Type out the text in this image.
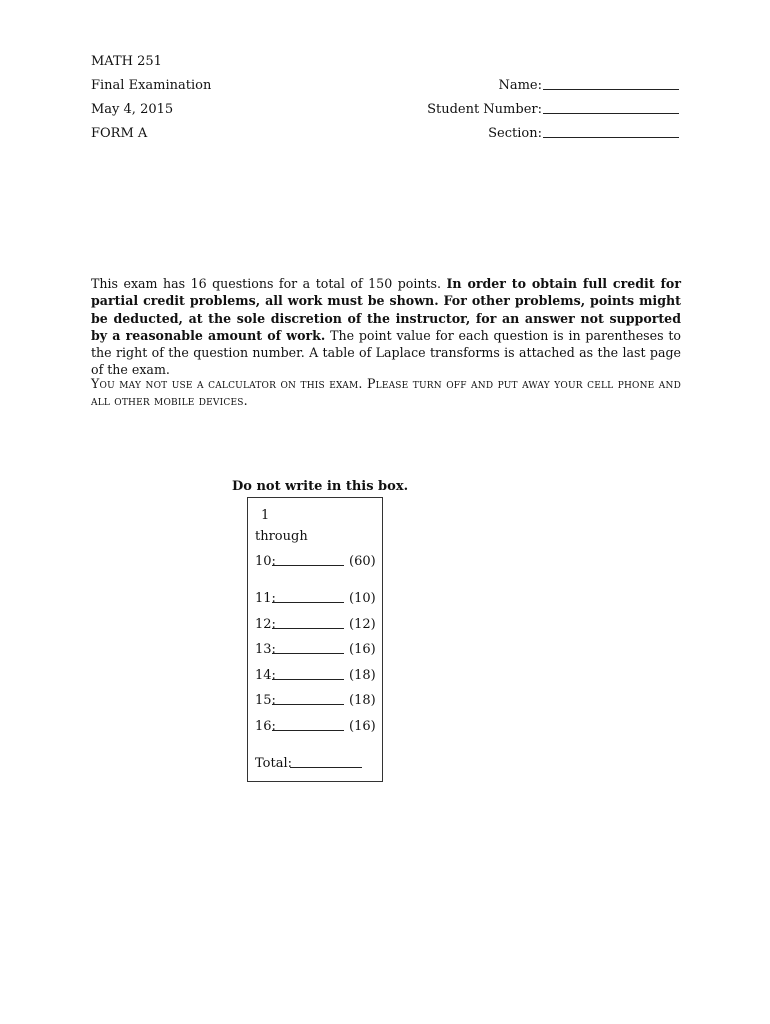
MATH 251
Final Examination
May 4, 2015
FORM A
Name:
Student Number:
Section:
This exam has 16 questions for a total of 150 points. In order to obtain full credit for partial credit problems, all work must be shown. For other problems, points might be deducted, at the sole discretion of the instructor, for an answer not supported by a reasonable amount of work. The point value for each question is in parentheses to the right of the question number. A table of Laplace transforms is attached as the last page of the exam.
You may not use a calculator on this exam. Please turn off and put away your cell phone and all other mobile devices.
Do not write in this box.
1
through
10:	(60)
11:	(10)
12:	(12)
13:	(16)
14:	(18)
15:	(18)
16:	(16)
Total:
